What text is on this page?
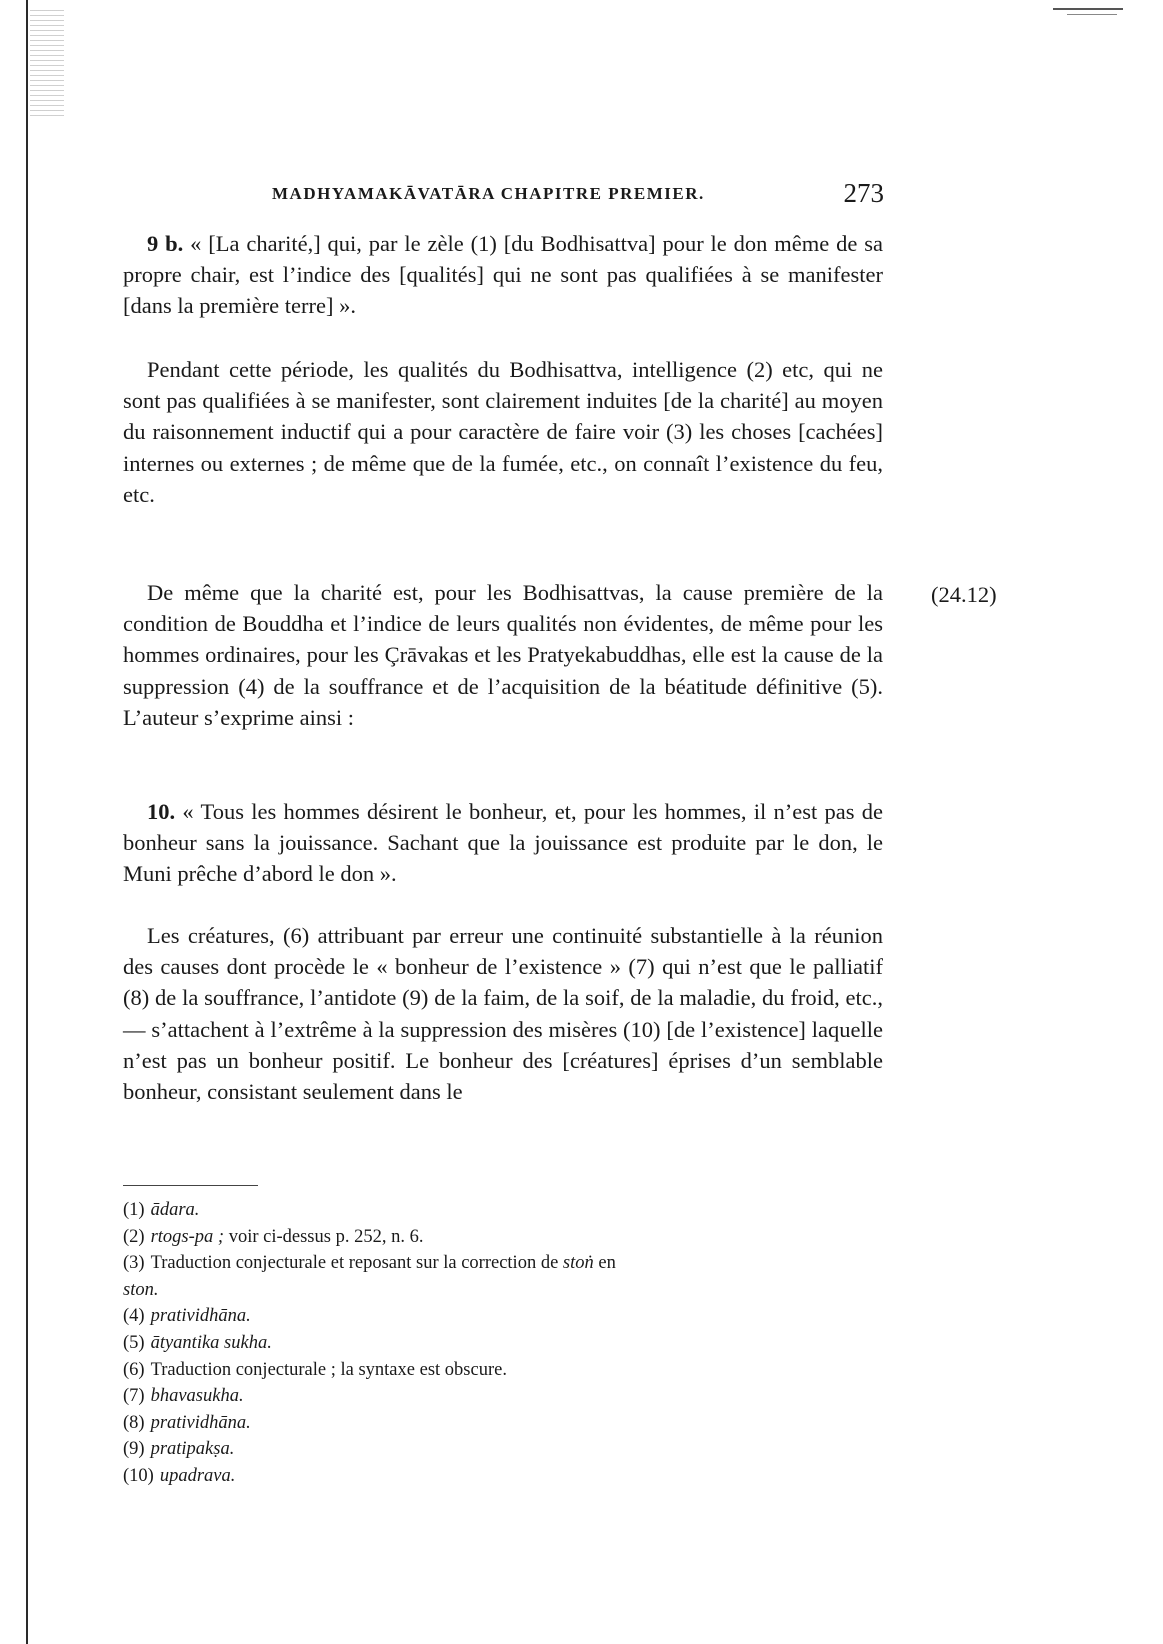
MADHYAMAKĀVATĀRA CHAPITRE PREMIER.	273

9 b. « [La charité,] qui, par le zèle (1) [du Bodhisattva] pour le don même de sa propre chair, est l’indice des [qualités] qui ne sont pas qualifiées à se manifester [dans la première terre] ».

Pendant cette période, les qualités du Bodhisattva, intelligence (2) etc, qui ne sont pas qualifiées à se manifester, sont clairement induites [de la charité] au moyen du raisonnement inductif qui a pour caractère de faire voir (3) les choses [cachées] internes ou externes ; de même que de la fumée, etc., on connaît l’existence du feu, etc.

De même que la charité est, pour les Bodhisattvas, la cause première de la condition de Bouddha et l’indice de leurs qualités non évidentes, de même pour les hommes ordinaires, pour les Çrāvakas et les Pratyekabuddhas, elle est la cause de la suppression (4) de la souffrance et de l’acquisition de la béatitude définitive (5). L’auteur s’exprime ainsi :

(24.12)

10. « Tous les hommes désirent le bonheur, et, pour les hommes, il n’est pas de bonheur sans la jouissance. Sachant que la jouissance est produite par le don, le Muni prêche d’abord le don ».

Les créatures, (6) attribuant par erreur une continuité substantielle à la réunion des causes dont procède le « bonheur de l’existence » (7) qui n’est que le palliatif (8) de la souffrance, l’antidote (9) de la faim, de la soif, de la maladie, du froid, etc., — s’attachent à l’extrême à la suppression des misères (10) [de l’existence] laquelle n’est pas un bonheur positif. Le bonheur des [créatures] éprises d’un semblable bonheur, consistant seulement dans le

(1) ādara.
(2) rtogs-pa ; voir ci-dessus p. 252, n. 6.
(3) Traduction conjecturale et reposant sur la correction de stoṅ en
ston.
(4) pratividhāna.
(5) ātyantika sukha.
(6) Traduction conjecturale ; la syntaxe est obscure.
(7) bhavasukha.
(8) pratividhāna.
(9) pratipakṣa.
(10) upadrava.
